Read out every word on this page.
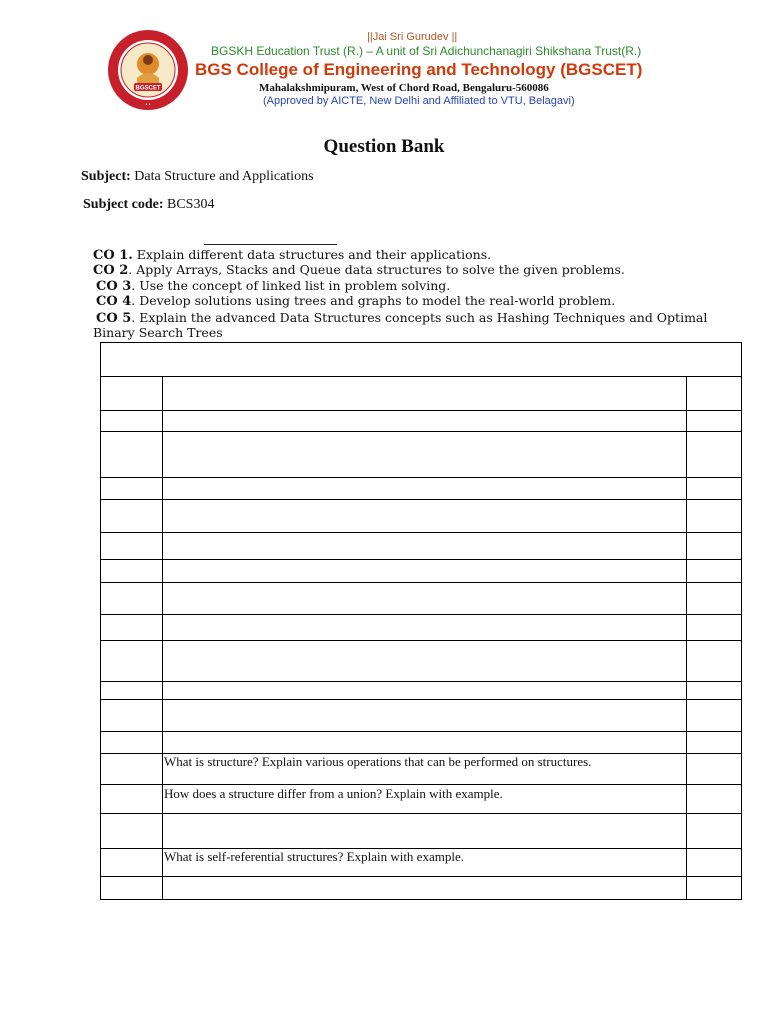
BGSCET
• •
||Jai Sri Gurudev ||
BGSKH Education Trust (R.) – A unit of Sri Adichunchanagiri Shikshana Trust(R.)
BGS College of Engineering and Technology (BGSCET)
Mahalakshmipuram, West of Chord Road, Bengaluru-560086
(Approved by AICTE, New Delhi and Affiliated to VTU, Belagavi)
Question Bank
Subject: Data Structure and Applications
Subject code: BCS304
CO 1. Explain different data structures and their applications.
CO 2. Apply Arrays, Stacks and Queue data structures to solve the given problems.
CO 3. Use the concept of linked list in problem solving.
CO 4. Develop solutions using trees and graphs to model the real-world problem.
CO 5. Explain the advanced Data Structures concepts such as Hashing Techniques and Optimal
Binary Search Trees
What is structure? Explain various operations that can be performed on structures.
How does a structure differ from a union? Explain with example.
What is self-referential structures? Explain with example.
